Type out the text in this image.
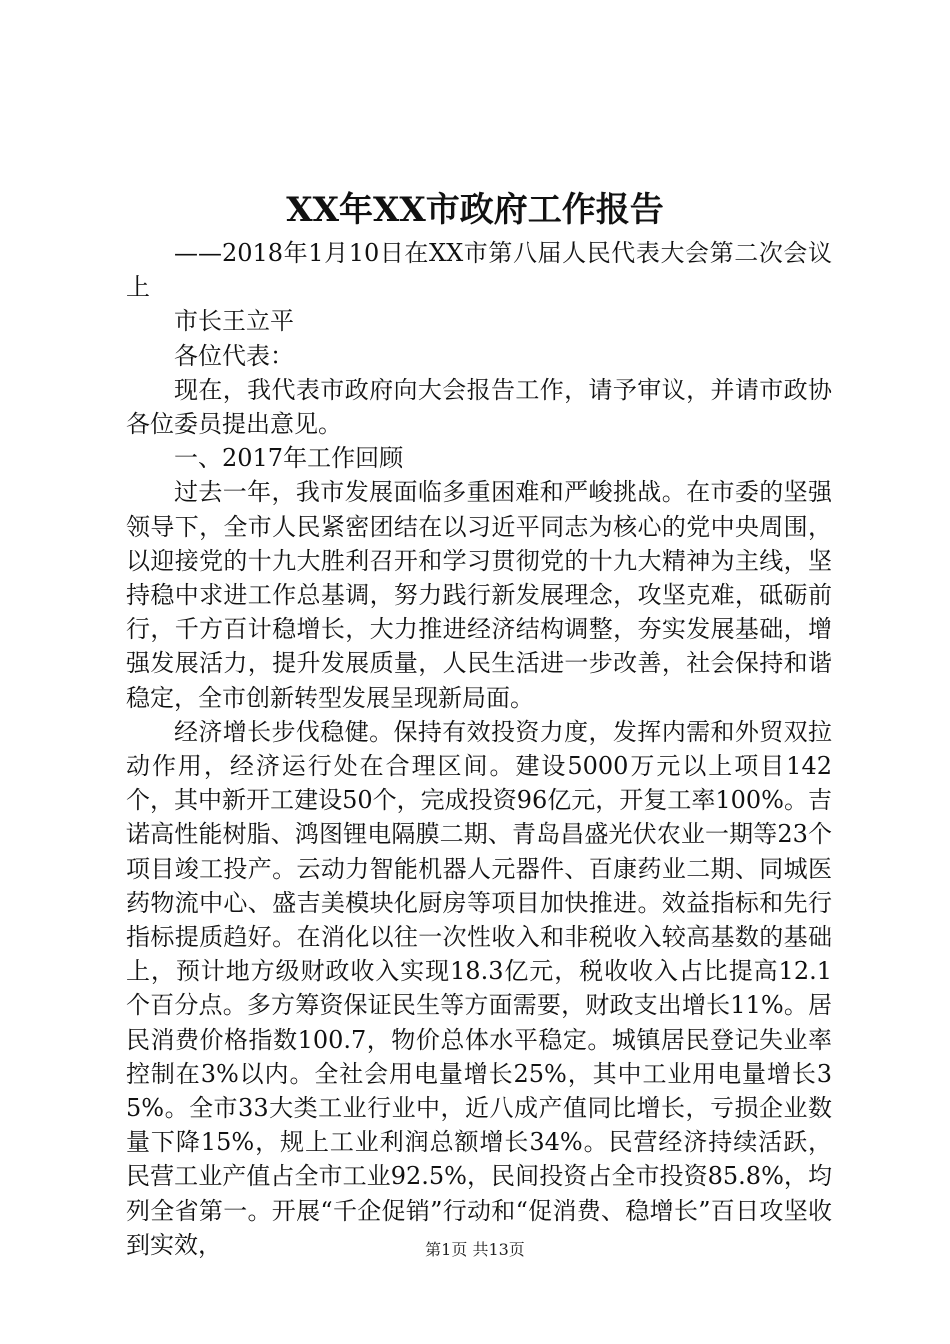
XX年XX市政府工作报告

——2018年1月10日在XX市第八届人民代表大会第二次会议上

市长王立平

各位代表：

现在，我代表市政府向大会报告工作，请予审议，并请市政协各位委员提出意见。

一、2017年工作回顾

过去一年，我市发展面临多重困难和严峻挑战。在市委的坚强领导下，全市人民紧密团结在以习近平同志为核心的党中央周围，以迎接党的十九大胜利召开和学习贯彻党的十九大精神为主线，坚持稳中求进工作总基调，努力践行新发展理念，攻坚克难，砥砺前行，千方百计稳增长，大力推进经济结构调整，夯实发展基础，增强发展活力，提升发展质量，人民生活进一步改善，社会保持和谐稳定，全市创新转型发展呈现新局面。

经济增长步伐稳健。保持有效投资力度，发挥内需和外贸双拉动作用，经济运行处在合理区间。建设5000万元以上项目142个，其中新开工建设50个，完成投资96亿元，开复工率100%。吉诺高性能树脂、鸿图锂电隔膜二期、青岛昌盛光伏农业一期等23个项目竣工投产。云动力智能机器人元器件、百康药业二期、同城医药物流中心、盛吉美模块化厨房等项目加快推进。效益指标和先行指标提质趋好。在消化以往一次性收入和非税收入较高基数的基础上，预计地方级财政收入实现18.3亿元，税收收入占比提高12.1个百分点。多方筹资保证民生等方面需要，财政支出增长11%。居民消费价格指数100.7，物价总体水平稳定。城镇居民登记失业率控制在3%以内。全社会用电量增长25%，其中工业用电量增长35%。全市33大类工业行业中，近八成产值同比增长，亏损企业数量下降15%，规上工业利润总额增长34%。民营经济持续活跃，民营工业产值占全市工业92.5%，民间投资占全市投资85.8%，均列全省第一。开展“千企促销”行动和“促消费、稳增长”百日攻坚收到实效，	第1页 共13页
